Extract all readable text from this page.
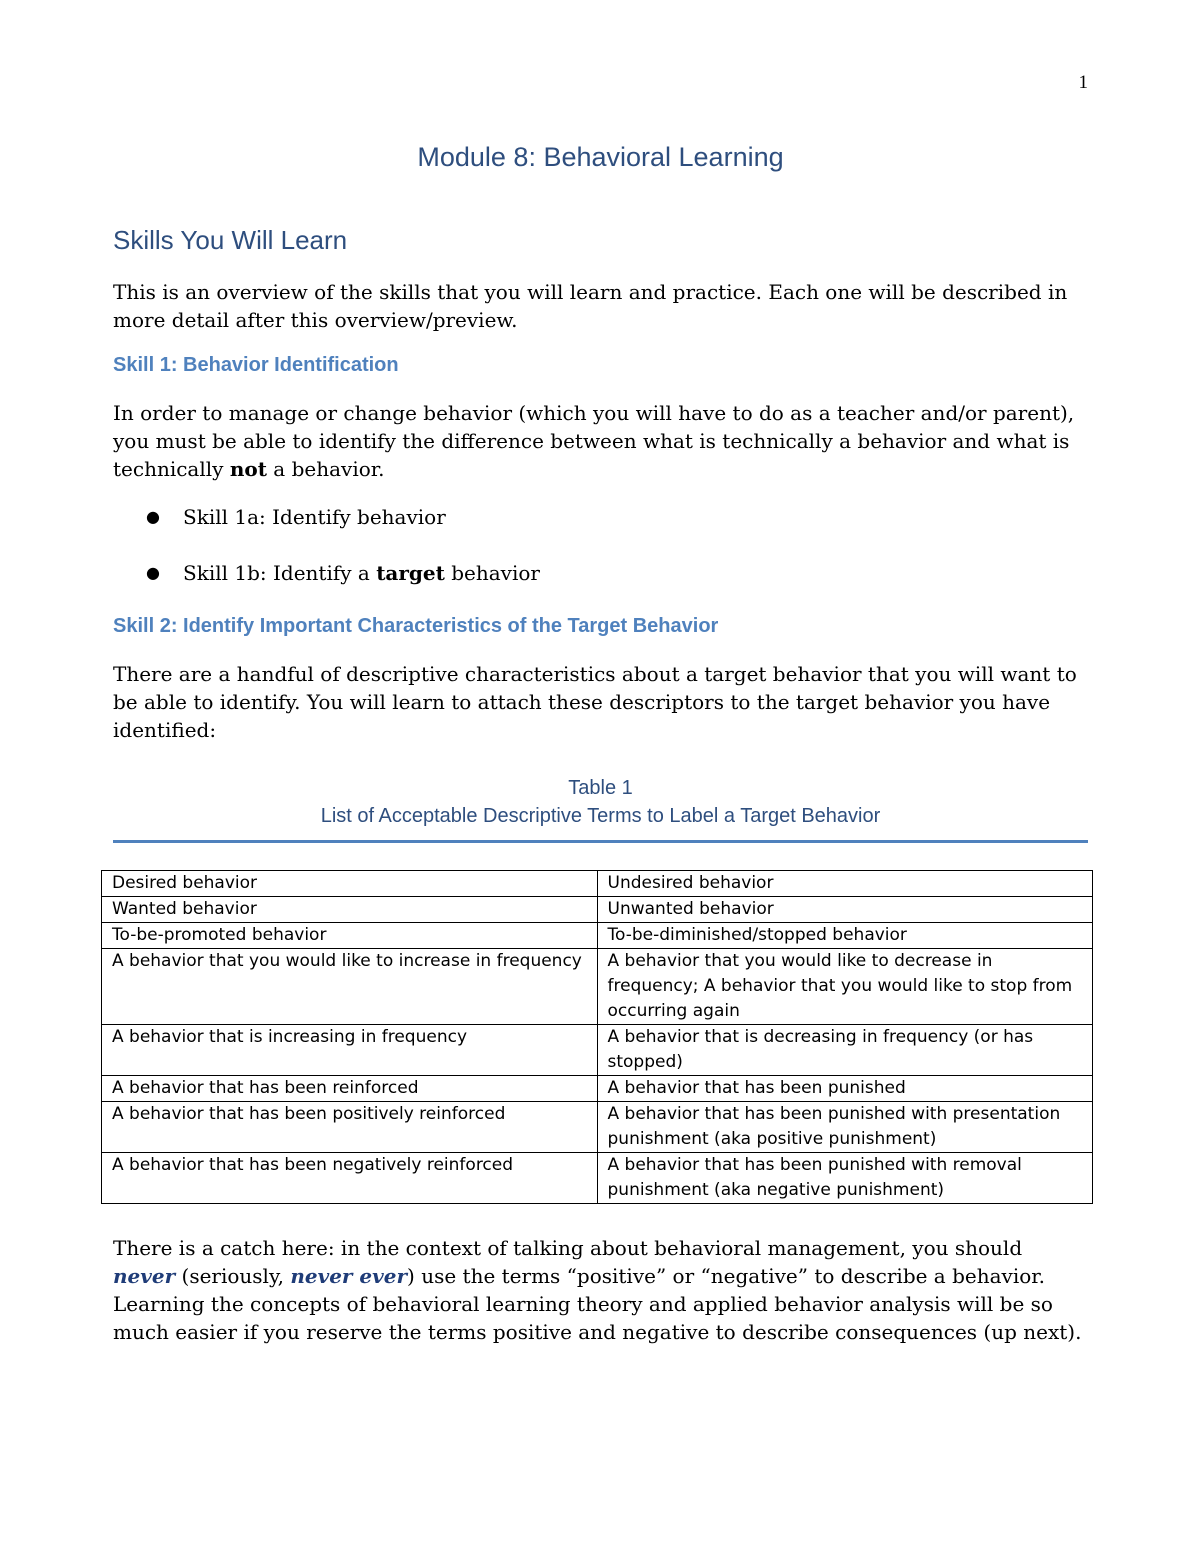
1
Module 8: Behavioral Learning
Skills You Will Learn

This is an overview of the skills that you will learn and practice. Each one will be described in more detail after this overview/preview.

Skill 1: Behavior Identification

In order to manage or change behavior (which you will have to do as a teacher and/or parent), you must be able to identify the difference between what is technically a behavior and what is technically not a behavior.

● Skill 1a: Identify behavior
● Skill 1b: Identify a target behavior
Skill 2: Identify Important Characteristics of the Target Behavior

There are a handful of descriptive characteristics about a target behavior that you will want to be able to identify. You will learn to attach these descriptors to the target behavior you have identified:

Table 1
List of Acceptable Descriptive Terms to Label a Target Behavior
Desired behavior	Undesired behavior
Wanted behavior	Unwanted behavior
To-be-promoted behavior	To-be-diminished/stopped behavior
A behavior that you would like to increase in frequency	A behavior that you would like to decrease in frequency; A behavior that you would like to stop from occurring again
A behavior that is increasing in frequency	A behavior that is decreasing in frequency (or has stopped)
A behavior that has been reinforced	A behavior that has been punished
A behavior that has been positively reinforced	A behavior that has been punished with presentation punishment (aka positive punishment)
A behavior that has been negatively reinforced	A behavior that has been punished with removal punishment (aka negative punishment)

There is a catch here: in the context of talking about behavioral management, you should never (seriously, never ever) use the terms “positive” or “negative” to describe a behavior. Learning the concepts of behavioral learning theory and applied behavior analysis will be so much easier if you reserve the terms positive and negative to describe consequences (up next).
